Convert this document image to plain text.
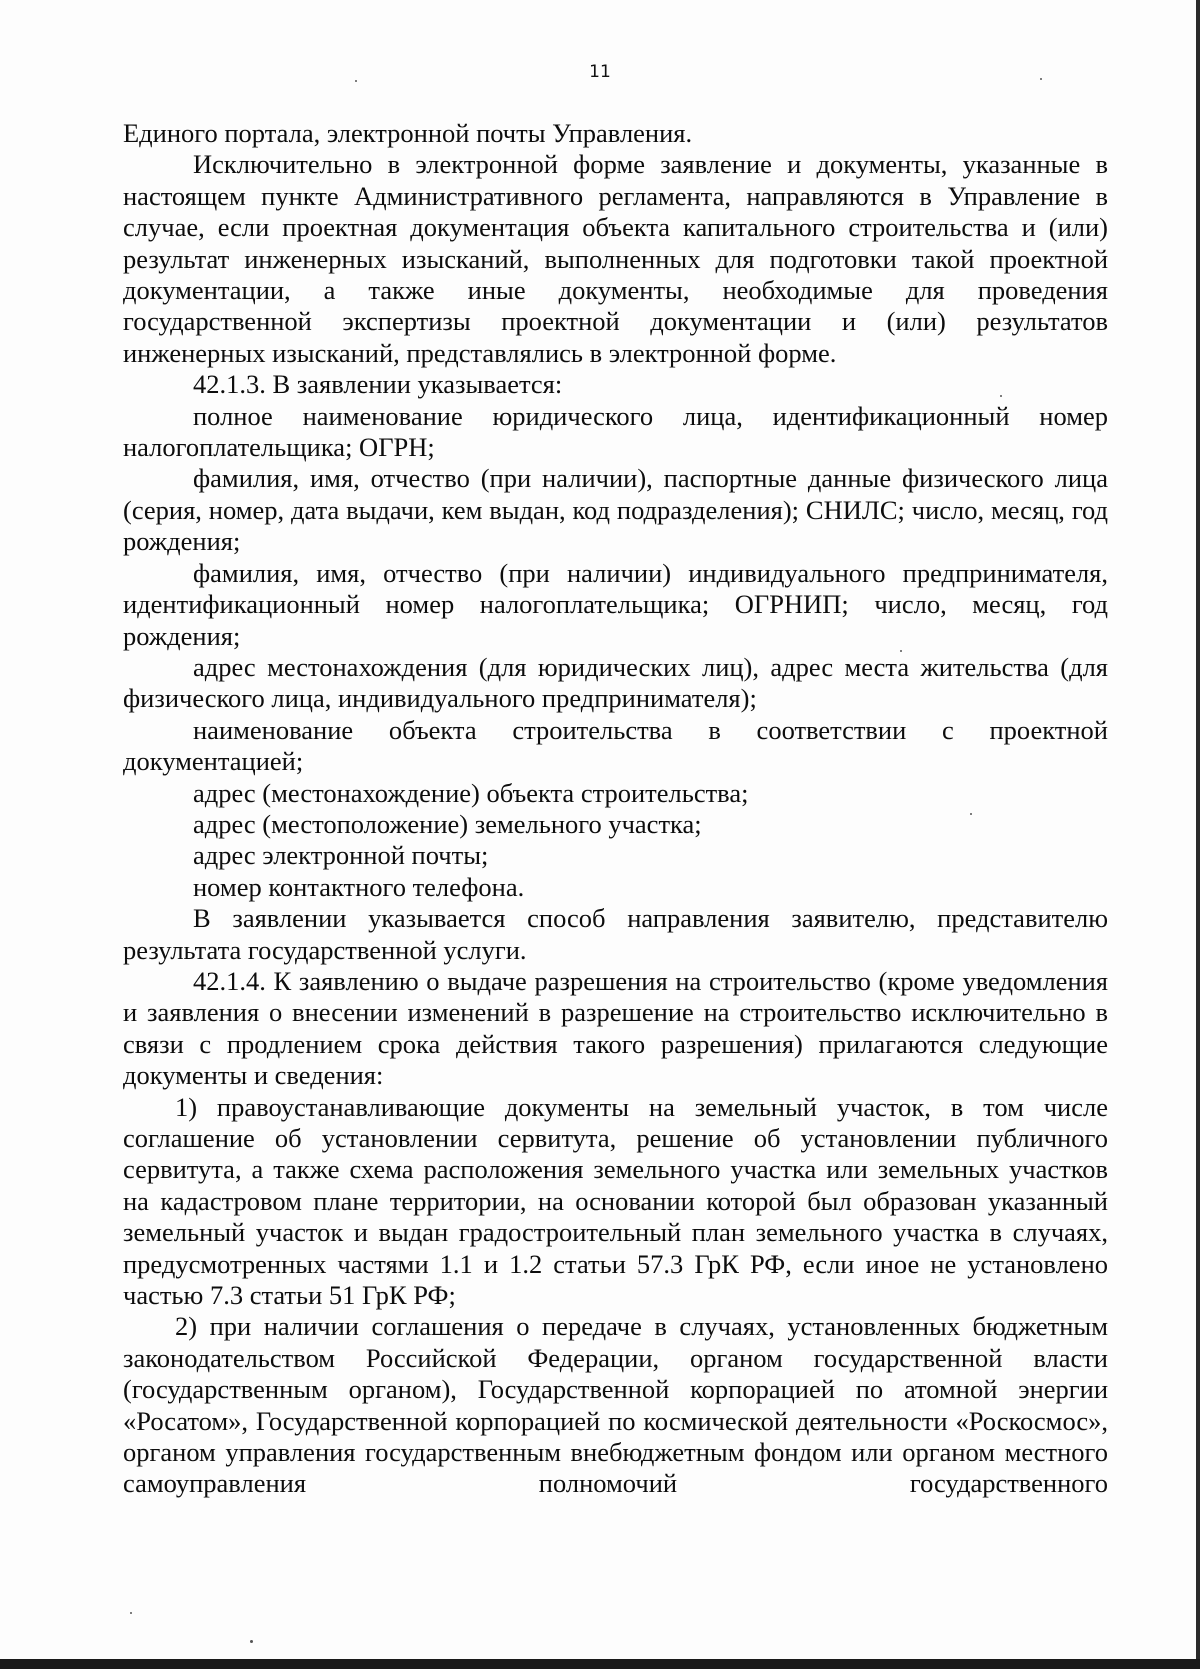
11

Единого портала, электронной почты Управления.

Исключительно в электронной форме заявление и документы, указанные в настоящем пункте Административного регламента, направляются в Управление в случае, если проектная документация объекта капитального строительства и (или) результат инженерных изысканий, выполненных для подготовки такой проектной документации, а также иные документы, необходимые для проведения государственной экспертизы проектной документации и (или) результатов инженерных изысканий, представлялись в электронной форме.

42.1.3. В заявлении указывается:

полное наименование юридического лица, идентификационный номер налогоплательщика; ОГРН;

фамилия, имя, отчество (при наличии), паспортные данные физического лица (серия, номер, дата выдачи, кем выдан, код подразделения); СНИЛС; число, месяц, год рождения;

фамилия, имя, отчество (при наличии) индивидуального предпринимателя, идентификационный номер налогоплательщика; ОГРНИП; число, месяц, год рождения;

адрес местонахождения (для юридических лиц), адрес места жительства (для физического лица, индивидуального предпринимателя);

наименование объекта строительства в соответствии с проектной документацией;

адрес (местонахождение) объекта строительства;

адрес (местоположение) земельного участка;

адрес электронной почты;

номер контактного телефона.

В заявлении указывается способ направления заявителю, представителю результата государственной услуги.

42.1.4. К заявлению о выдаче разрешения на строительство (кроме уведомления и заявления о внесении изменений в разрешение на строительство исключительно в связи с продлением срока действия такого разрешения) прилагаются следующие документы и сведения:

1) правоустанавливающие документы на земельный участок, в том числе соглашение об установлении сервитута, решение об установлении публичного сервитута, а также схема расположения земельного участка или земельных участков на кадастровом плане территории, на основании которой был образован указанный земельный участок и выдан градостроительный план земельного участка в случаях, предусмотренных частями 1.1 и 1.2 статьи 57.3 ГрК РФ, если иное не установлено частью 7.3 статьи 51 ГрК РФ;

2) при наличии соглашения о передаче в случаях, установленных бюджетным законодательством Российской Федерации, органом государственной власти (государственным органом), Государственной корпорацией по атомной энергии «Росатом», Государственной корпорацией по космической деятельности «Роскосмос», органом управления государственным внебюджетным фондом или органом местного самоуправления полномочий государственного
